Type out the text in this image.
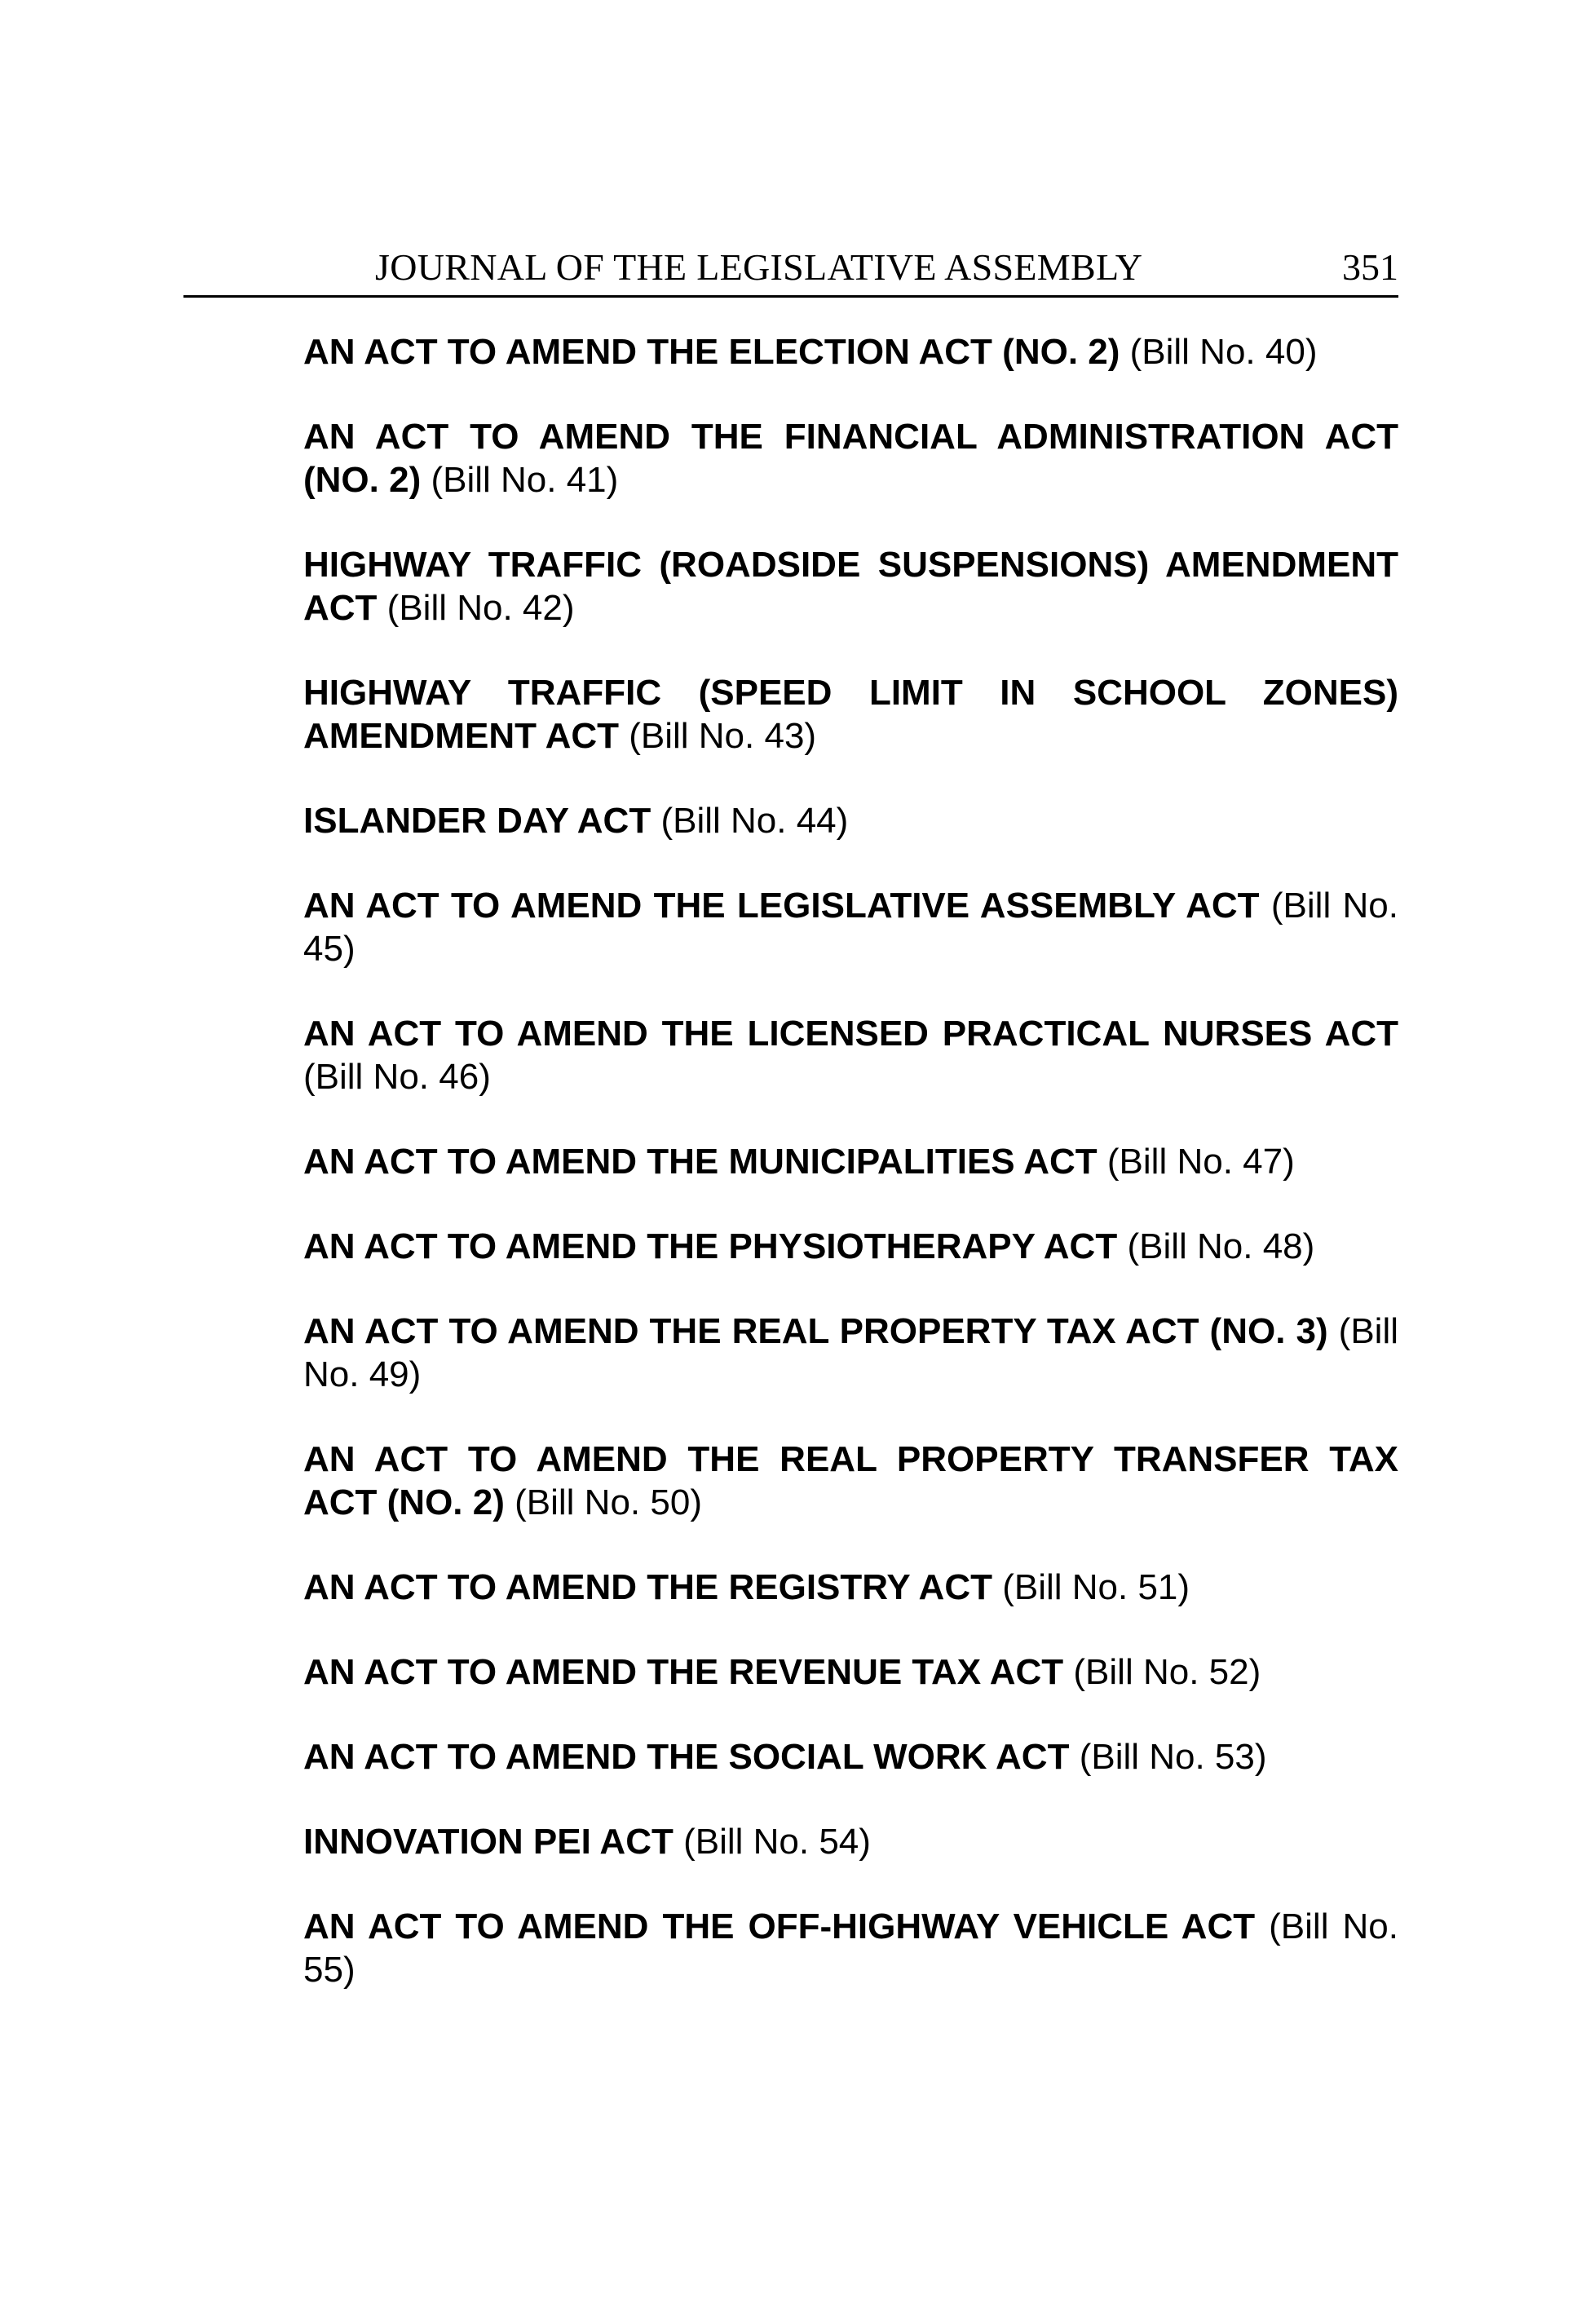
JOURNAL OF THE LEGISLATIVE ASSEMBLY	351
AN ACT TO AMEND THE ELECTION ACT (NO. 2) (Bill No. 40)
AN ACT TO AMEND THE FINANCIAL ADMINISTRATION ACT (NO. 2) (Bill No. 41)
HIGHWAY TRAFFIC (ROADSIDE SUSPENSIONS) AMENDMENT ACT (Bill No. 42)
HIGHWAY TRAFFIC (SPEED LIMIT IN SCHOOL ZONES) AMENDMENT ACT (Bill No. 43)
ISLANDER DAY ACT (Bill No. 44)
AN ACT TO AMEND THE LEGISLATIVE ASSEMBLY ACT (Bill No. 45)
AN ACT TO AMEND THE LICENSED PRACTICAL NURSES ACT (Bill No. 46)
AN ACT TO AMEND THE MUNICIPALITIES ACT (Bill No. 47)
AN ACT TO AMEND THE PHYSIOTHERAPY ACT (Bill No. 48)
AN ACT TO AMEND THE REAL PROPERTY TAX ACT (NO. 3) (Bill No. 49)
AN ACT TO AMEND THE REAL PROPERTY TRANSFER TAX ACT (NO. 2) (Bill No. 50)
AN ACT TO AMEND THE REGISTRY ACT (Bill No. 51)
AN ACT TO AMEND THE REVENUE TAX ACT (Bill No. 52)
AN ACT TO AMEND THE SOCIAL WORK ACT (Bill No. 53)
INNOVATION PEI ACT (Bill No. 54)
AN ACT TO AMEND THE OFF-HIGHWAY VEHICLE ACT (Bill No. 55)
